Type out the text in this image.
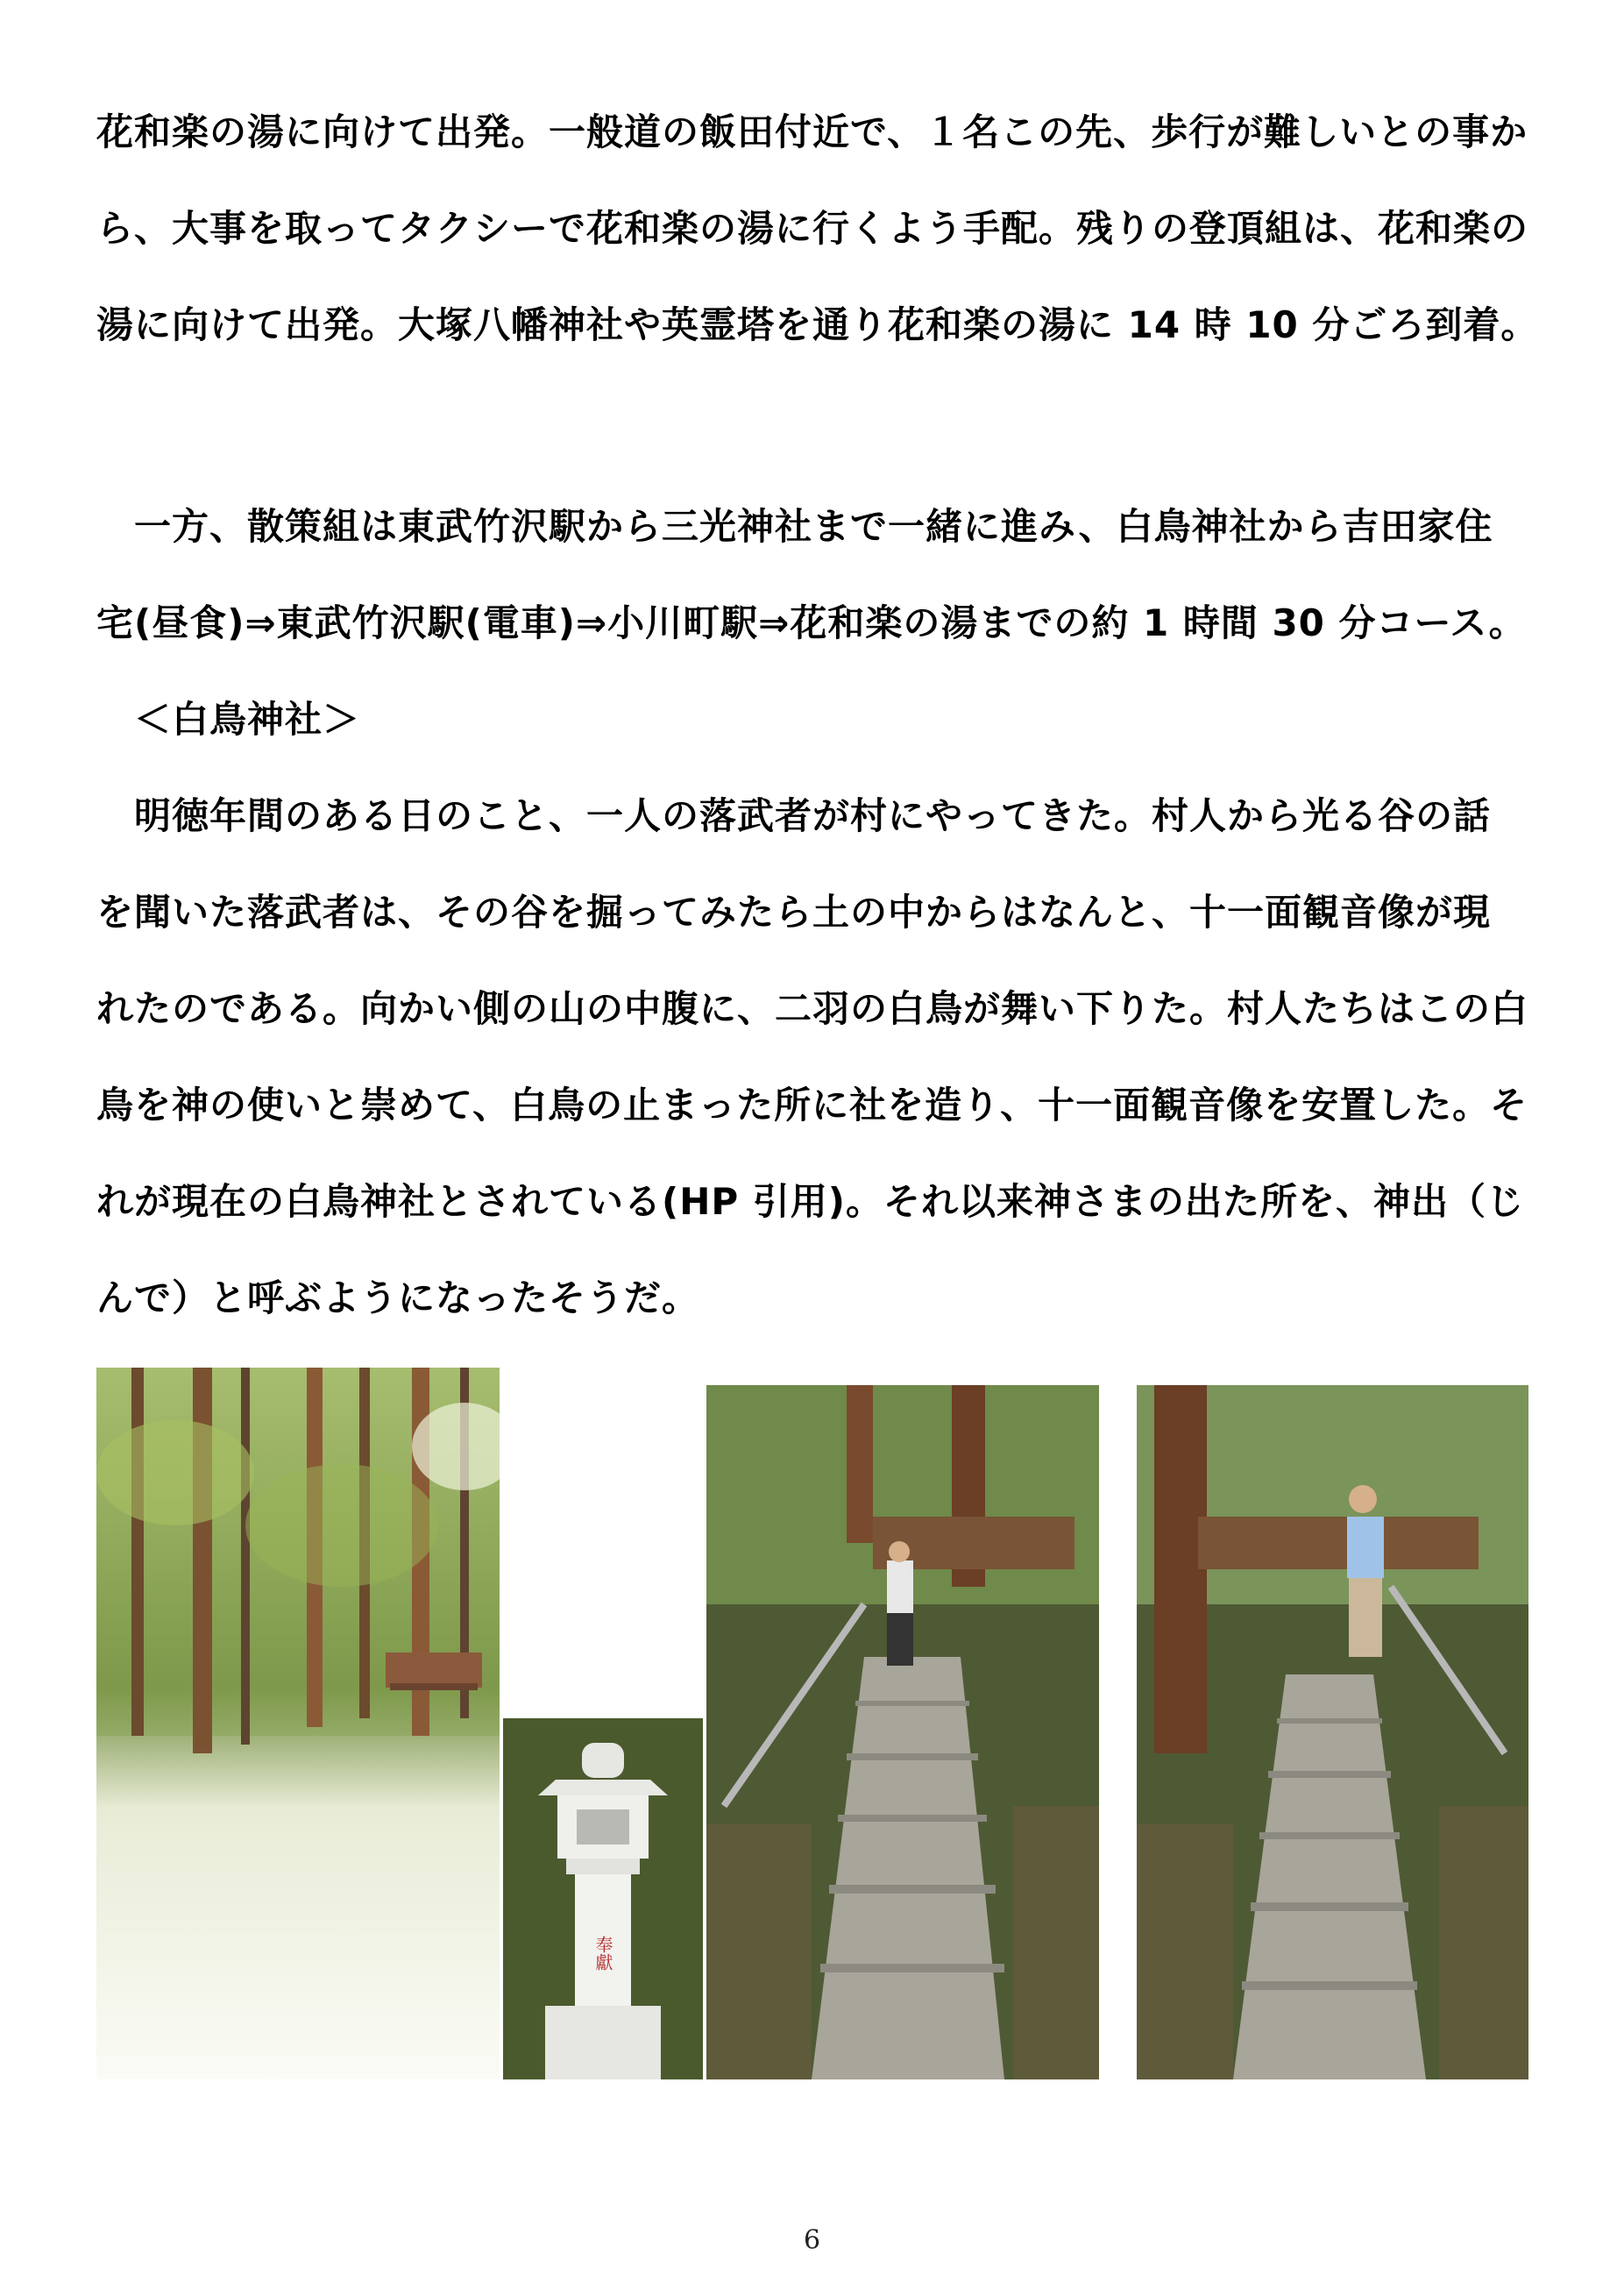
花和楽の湯に向けて出発。一般道の飯田付近で、１名この先、歩行が難しいとの事か
ら、大事を取ってタクシーで花和楽の湯に行くよう手配。残りの登頂組は、花和楽の
湯に向けて出発。大塚八幡神社や英霊塔を通り花和楽の湯に 14 時 10 分ごろ到着。
　一方、散策組は東武竹沢駅から三光神社まで一緒に進み、白鳥神社から吉田家住
宅(昼食)⇒東武竹沢駅(電車)⇒小川町駅⇒花和楽の湯までの約 1 時間 30 分コース。
　＜白鳥神社＞
　明徳年間のある日のこと、一人の落武者が村にやってきた。村人から光る谷の話
を聞いた落武者は、その谷を掘ってみたら土の中からはなんと、十一面観音像が現
れたのである。向かい側の山の中腹に、二羽の白鳥が舞い下りた。村人たちはこの白
鳥を神の使いと崇めて、白鳥の止まった所に社を造り、十一面観音像を安置した。そ
れが現在の白鳥神社とされている(HP 引用)。それ以来神さまの出た所を、神出（じ
んで）と呼ぶようになったそうだ。
奉獻
6
